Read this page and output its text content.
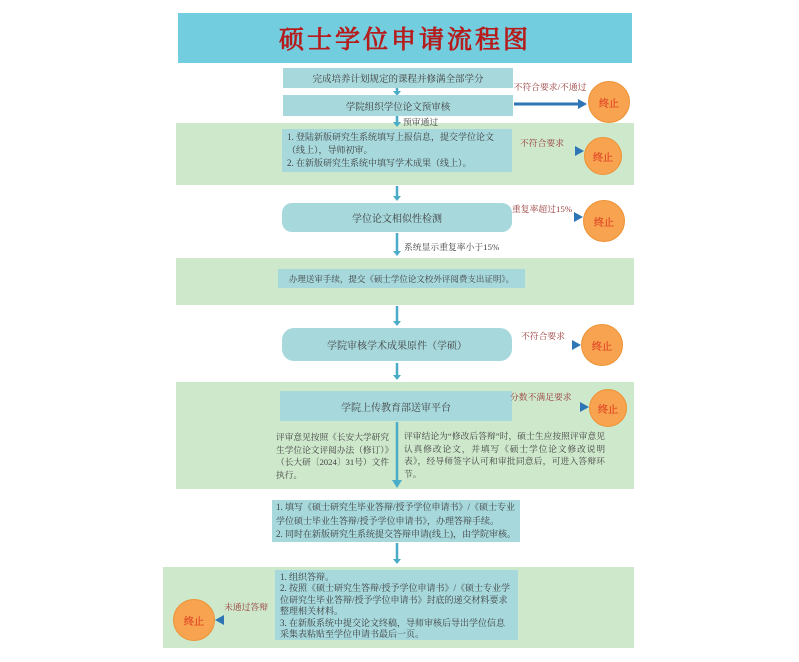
硕士学位申请流程图
完成培养计划规定的课程并修满全部学分
学院组织学位论文预审核
1. 登陆新版研究生系统填写上报信息，提交学位论文（线上），导师初审。
2. 在新版研究生系统中填写学术成果（线上）。
学位论文相似性检测
办理送审手续，提交《硕士学位论文校外评阅费支出证明》。
学院审核学术成果原件（学硕）
学院上传教育部送审平台
评审意见按照《长安大学研究生学位论文评阅办法（修订）》（长大研〔2024〕31号）文件执行。
评审结论为“修改后答辩”时，硕士生应按照评审意见认真修改论文，并填写《硕士学位论文修改说明表》，经导师签字认可和审批同意后，可进入答辩环节。
1. 填写《硕士研究生毕业答辩/授予学位申请书》/《硕士专业学位硕士毕业生答辩/授予学位申请书》，办理答辩手续。
2. 同时在新版研究生系统提交答辩申请(线上)，由学院审核。
1. 组织答辩。
2. 按照《硕士研究生答辩/授予学位申请书》/《硕士专业学位研究生毕业答辩/授予学位申请书》封底的递交材料要求整理相关材料。
3. 在新版系统中提交论文终稿，导师审核后导出学位信息采集表粘贴至学位申请书最后一页。
终止
终止
终止
终止
终止
终止
不符合要求/不通过
预审通过
不符合要求
重复率超过15%
系统显示重复率小于15%
不符合要求
分数不满足要求
未通过答辩
